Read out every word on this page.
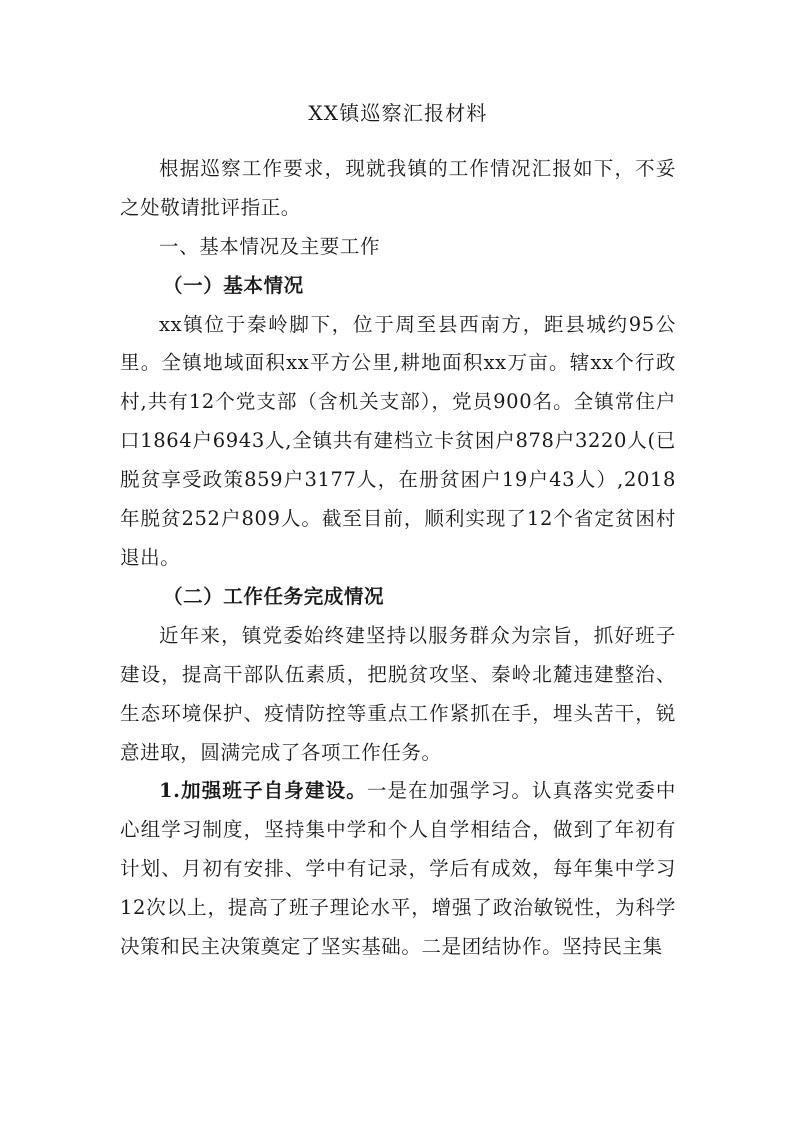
XX镇巡察汇报材料

根据巡察工作要求，现就我镇的工作情况汇报如下，不妥之处敬请批评指正。

一、基本情况及主要工作

（一）基本情况

xx镇位于秦岭脚下，位于周至县西南方，距县城约95公里。全镇地域面积xx平方公里,耕地面积xx万亩。辖xx个行政村,共有12个党支部（含机关支部），党员900名。全镇常住户口1864户6943人,全镇共有建档立卡贫困户878户3220人(已脱贫享受政策859户3177人，在册贫困户19户43人）,2018年脱贫252户809人。截至目前，顺利实现了12个省定贫困村退出。

（二）工作任务完成情况

近年来，镇党委始终建坚持以服务群众为宗旨，抓好班子建设，提高干部队伍素质，把脱贫攻坚、秦岭北麓违建整治、生态环境保护、疫情防控等重点工作紧抓在手，埋头苦干，锐意进取，圆满完成了各项工作任务。

1.加强班子自身建设。一是在加强学习。认真落实党委中心组学习制度，坚持集中学和个人自学相结合，做到了年初有计划、月初有安排、学中有记录，学后有成效，每年集中学习12次以上，提高了班子理论水平，增强了政治敏锐性，为科学决策和民主决策奠定了坚实基础。二是团结协作。坚持民主集
